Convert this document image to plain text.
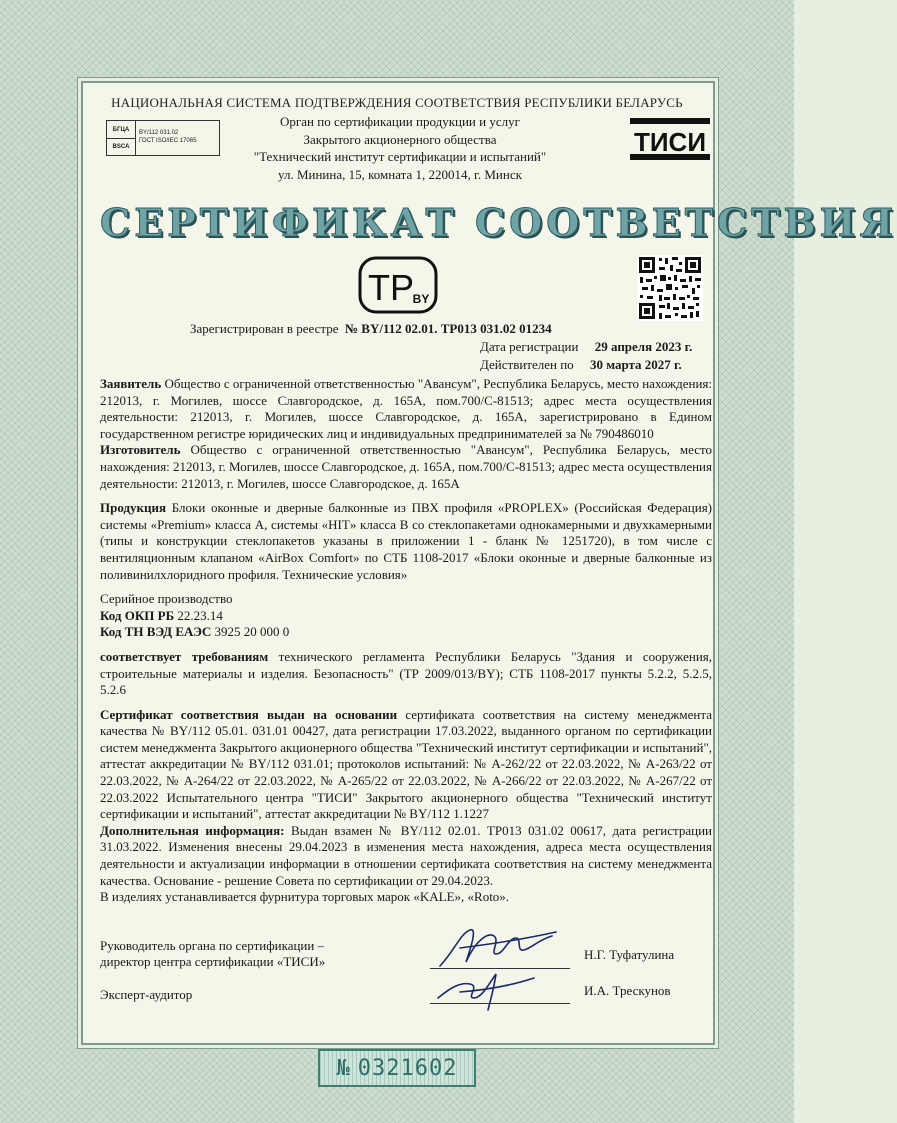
НАЦИОНАЛЬНАЯ СИСТЕМА ПОДТВЕРЖДЕНИЯ СООТВЕТСТВИЯ РЕСПУБЛИКИ БЕЛАРУСЬ
БГЦА
BSCA
BY/112 031.02
ГОСТ ISO/IEC 17065
Орган по сертификации продукции и услуг
Закрытого акционерного общества
"Технический институт сертификации и испытаний"
ул. Минина, 15, комната 1, 220014, г. Минск
ТИСИ
СЕРТИФИКАТ СООТВЕТСТВИЯ
TP
BY
Зарегистрирован в реестре № BY/112 02.01. ТР013 031.02 01234
Дата регистрации 29 апреля 2023 г.
Действителен по 30 марта 2027 г.

Заявитель Общество с ограниченной ответственностью "Авансум", Республика Беларусь, место нахождения: 212013, г. Могилев, шоссе Славгородское, д. 165А, пом.700/С-81513; адрес места осуществления деятельности: 212013, г. Могилев, шоссе Славгородское, д. 165А, зарегистрировано в Едином государственном регистре юридических лиц и индивидуальных предпринимателей за № 790486010

Изготовитель Общество с ограниченной ответственностью "Авансум", Республика Беларусь, место нахождения: 212013, г. Могилев, шоссе Славгородское, д. 165А, пом.700/С-81513; адрес места осуществления деятельности: 212013, г. Могилев, шоссе Славгородское, д. 165А

Продукция Блоки оконные и дверные балконные из ПВХ профиля «PROPLEX» (Российская Федерация) системы «Premium» класса А, системы «HIT» класса В со стеклопакетами однокамерными и двухкамерными (типы и конструкции стеклопакетов указаны в приложении 1 - бланк № 1251720), в том числе с вентиляционным клапаном «AirBox Comfort» по СТБ 1108-2017 «Блоки оконные и дверные балконные из поливинилхлоридного профиля. Технические условия»

Серийное производство

Код ОКП РБ 22.23.14

Код ТН ВЭД ЕАЭС 3925 20 000 0

соответствует требованиям технического регламента Республики Беларусь "Здания и сооружения, строительные материалы и изделия. Безопасность" (ТР 2009/013/BY); СТБ 1108-2017 пункты 5.2.2, 5.2.5, 5.2.6

Сертификат соответствия выдан на основании сертификата соответствия на систему менеджмента качества № BY/112 05.01. 031.01 00427, дата регистрации 17.03.2022, выданного органом по сертификации систем менеджмента Закрытого акционерного общества "Технический институт сертификации и испытаний", аттестат аккредитации № BY/112 031.01; протоколов испытаний: № А-262/22 от 22.03.2022, № А-263/22 от 22.03.2022, № А-264/22 от 22.03.2022, № А-265/22 от 22.03.2022, № А-266/22 от 22.03.2022, № А-267/22 от 22.03.2022 Испытательного центра "ТИСИ" Закрытого акционерного общества "Технический институт сертификации и испытаний", аттестат аккредитации № BY/112 1.1227

Дополнительная информация: Выдан взамен № BY/112 02.01. ТР013 031.02 00617, дата регистрации 31.03.2022. Изменения внесены 29.04.2023 в изменения места нахождения, адреса места осуществления деятельности и актуализации информации в отношении сертификата соответствия на систему менеджмента качества. Основание - решение Совета по сертификации от 29.04.2023.

В изделиях устанавливается фурнитура торговых марок «KALE», «Roto».

Руководитель органа по сертификации –
директор центра сертификации «ТИСИ»	Н.Г. Туфатулина
Эксперт-аудитор	И.А. Трескунов
№ 0321602
